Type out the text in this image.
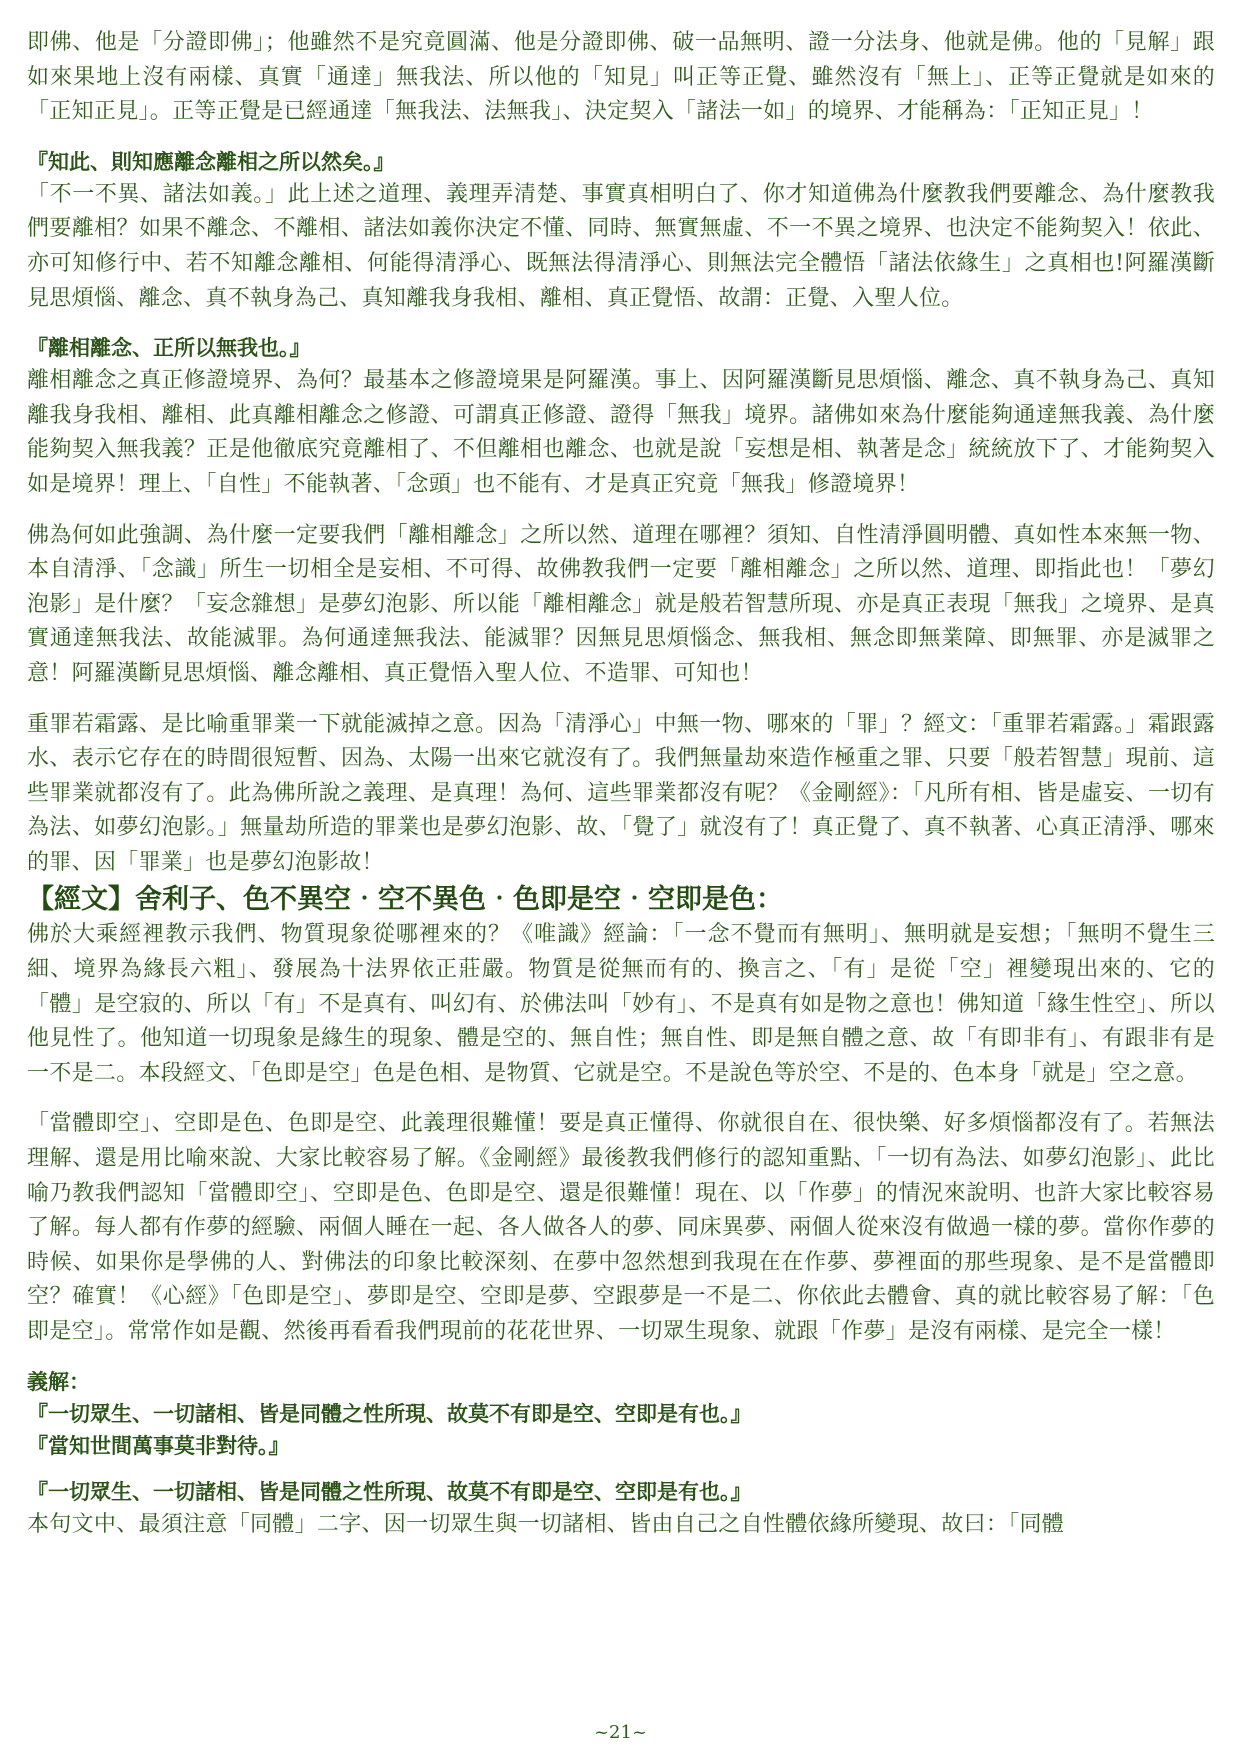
即佛、他是「分證即佛」；他雖然不是究竟圓滿、他是分證即佛、破一品無明、證一分法身、他就是佛。他的「見解」跟如來果地上沒有兩樣、真實「通達」無我法、所以他的「知見」叫正等正覺、雖然沒有「無上」、正等正覺就是如來的「正知正見」。正等正覺是已經通達「無我法、法無我」、決定契入「諸法一如」的境界、才能稱為：「正知正見」！

『知此、則知應離念離相之所以然矣。』

「不一不異、諸法如義。」此上述之道理、義理弄清楚、事實真相明白了、你才知道佛為什麼教我們要離念、為什麼教我們要離相？如果不離念、不離相、諸法如義你決定不懂、同時、無實無虛、不一不異之境界、也決定不能夠契入！依此、亦可知修行中、若不知離念離相、何能得清淨心、既無法得清淨心、則無法完全體悟「諸法依緣生」之真相也!阿羅漢斷見思煩惱、離念、真不執身為己、真知離我身我相、離相、真正覺悟、故謂：正覺、入聖人位。

『離相離念、正所以無我也。』

離相離念之真正修證境界、為何？最基本之修證境果是阿羅漢。事上、因阿羅漢斷見思煩惱、離念、真不執身為己、真知離我身我相、離相、此真離相離念之修證、可謂真正修證、證得「無我」境界。諸佛如來為什麼能夠通達無我義、為什麼能夠契入無我義？正是他徹底究竟離相了、不但離相也離念、也就是說「妄想是相、執著是念」統統放下了、才能夠契入如是境界！理上、「自性」不能執著、「念頭」也不能有、才是真正究竟「無我」修證境界！

佛為何如此強調、為什麼一定要我們「離相離念」之所以然、道理在哪裡？須知、自性清淨圓明體、真如性本來無一物、本自清淨、「念識」所生一切相全是妄相、不可得、故佛教我們一定要「離相離念」之所以然、道理、即指此也！「夢幻泡影」是什麼？「妄念雜想」是夢幻泡影、所以能「離相離念」就是般若智慧所現、亦是真正表現「無我」之境界、是真實通達無我法、故能滅罪。為何通達無我法、能滅罪？因無見思煩惱念、無我相、無念即無業障、即無罪、亦是滅罪之意！阿羅漢斷見思煩惱、離念離相、真正覺悟入聖人位、不造罪、可知也！

重罪若霜露、是比喻重罪業一下就能滅掉之意。因為「清淨心」中無一物、哪來的「罪」？經文：「重罪若霜露。」霜跟露水、表示它存在的時間很短暫、因為、太陽一出來它就沒有了。我們無量劫來造作極重之罪、只要「般若智慧」現前、這些罪業就都沒有了。此為佛所說之義理、是真理！為何、這些罪業都沒有呢？《金剛經》：「凡所有相、皆是虛妄、一切有為法、如夢幻泡影。」無量劫所造的罪業也是夢幻泡影、故、「覺了」就沒有了！真正覺了、真不執著、心真正清淨、哪來的罪、因「罪業」也是夢幻泡影故！

【經文】舍利子、色不異空‧空不異色‧色即是空‧空即是色：

佛於大乘經裡教示我們、物質現象從哪裡來的？《唯識》經論：「一念不覺而有無明」、無明就是妄想；「無明不覺生三細、境界為緣長六粗」、發展為十法界依正莊嚴。物質是從無而有的、換言之、「有」是從「空」裡變現出來的、它的「體」是空寂的、所以「有」不是真有、叫幻有、於佛法叫「妙有」、不是真有如是物之意也！佛知道「緣生性空」、所以他見性了。他知道一切現象是緣生的現象、體是空的、無自性；無自性、即是無自體之意、故「有即非有」、有跟非有是一不是二。本段經文、「色即是空」色是色相、是物質、它就是空。不是說色等於空、不是的、色本身「就是」空之意。

「當體即空」、空即是色、色即是空、此義理很難懂！要是真正懂得、你就很自在、很快樂、好多煩惱都沒有了。若無法理解、還是用比喻來說、大家比較容易了解。《金剛經》最後教我們修行的認知重點、「一切有為法、如夢幻泡影」、此比喻乃教我們認知「當體即空」、空即是色、色即是空、還是很難懂！現在、以「作夢」的情況來說明、也許大家比較容易了解。每人都有作夢的經驗、兩個人睡在一起、各人做各人的夢、同床異夢、兩個人從來沒有做過一樣的夢。當你作夢的時候、如果你是學佛的人、對佛法的印象比較深刻、在夢中忽然想到我現在在作夢、夢裡面的那些現象、是不是當體即空？確實！《心經》「色即是空」、夢即是空、空即是夢、空跟夢是一不是二、你依此去體會、真的就比較容易了解：「色即是空」。常常作如是觀、然後再看看我們現前的花花世界、一切眾生現象、就跟「作夢」是沒有兩樣、是完全一樣！

義解：

『一切眾生、一切諸相、皆是同體之性所現、故莫不有即是空、空即是有也。』

『當知世間萬事莫非對待。』

『一切眾生、一切諸相、皆是同體之性所現、故莫不有即是空、空即是有也。』

本句文中、最須注意「同體」二字、因一切眾生與一切諸相、皆由自己之自性體依緣所變現、故曰：「同體

~21~
